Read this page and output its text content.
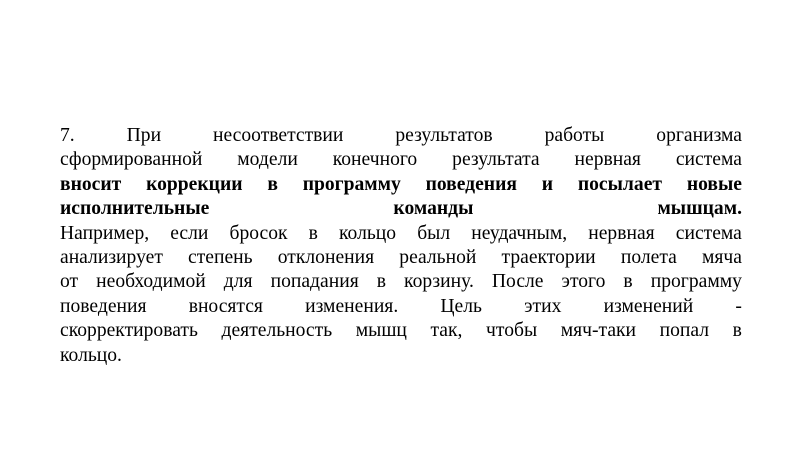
7.	При	несоответствии	результатов	работы	организма
сформированной модели конечного результата нервная система
вносит коррекции в программу поведения и посылает новые
исполнительные	команды	мышцам.
Например, если бросок в кольцо был неудачным, нервная система
анализирует степень отклонения реальной траектории полета мяча
от необходимой для попадания в корзину. После этого в программу
поведения вносятся изменения. Цель этих изменений -
скорректировать деятельность мышц так, чтобы мяч-таки попал в
кольцо.
